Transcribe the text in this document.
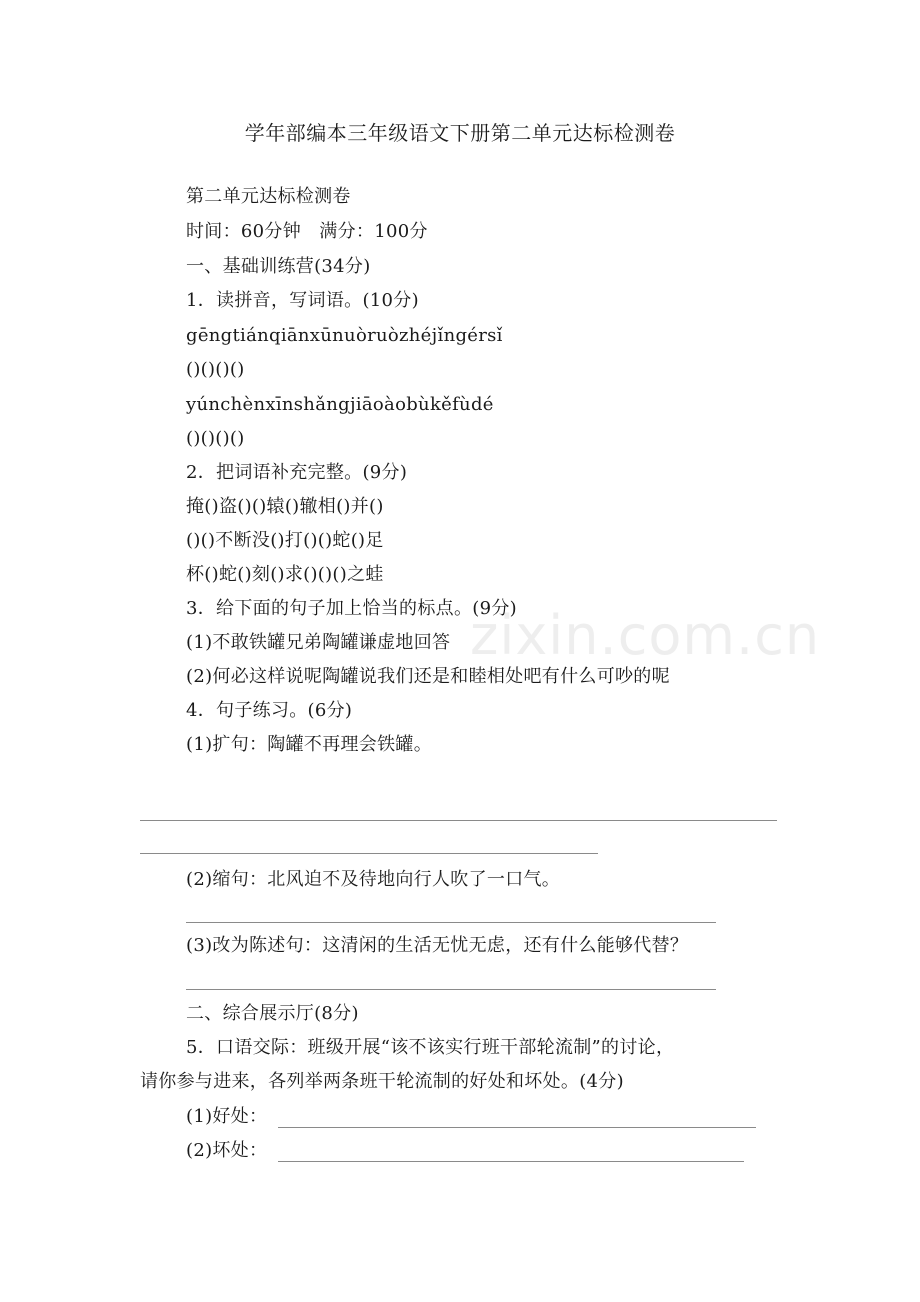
zixin.com.cn
学年部编本三年级语文下册第二单元达标检测卷
第二单元达标检测卷
时间：60分钟　满分：100分
一、基础训练营(34分)
1．读拼音，写词语。(10分)
gēngtiánqiānxūnuòruòzhéjǐngérsǐ
()()()()
yúnchènxīnshǎngjiāoàobùkěfùdé
()()()()
2．把词语补充完整。(9分)
掩()盗()()辕()辙相()并()
()()不断没()打()()蛇()足
杯()蛇()刻()求()()()之蛙
3．给下面的句子加上恰当的标点。(9分)
(1)不敢铁罐兄弟陶罐谦虚地回答
(2)何必这样说呢陶罐说我们还是和睦相处吧有什么可吵的呢
4．句子练习。(6分)
(1)扩句：陶罐不再理会铁罐。
(2)缩句：北风迫不及待地向行人吹了一口气。
(3)改为陈述句：这清闲的生活无忧无虑，还有什么能够代替？
二、综合展示厅(8分)
5．口语交际：班级开展“该不该实行班干部轮流制”的讨论，
请你参与进来，各列举两条班干轮流制的好处和坏处。(4分)
(1)好处：
(2)坏处：
